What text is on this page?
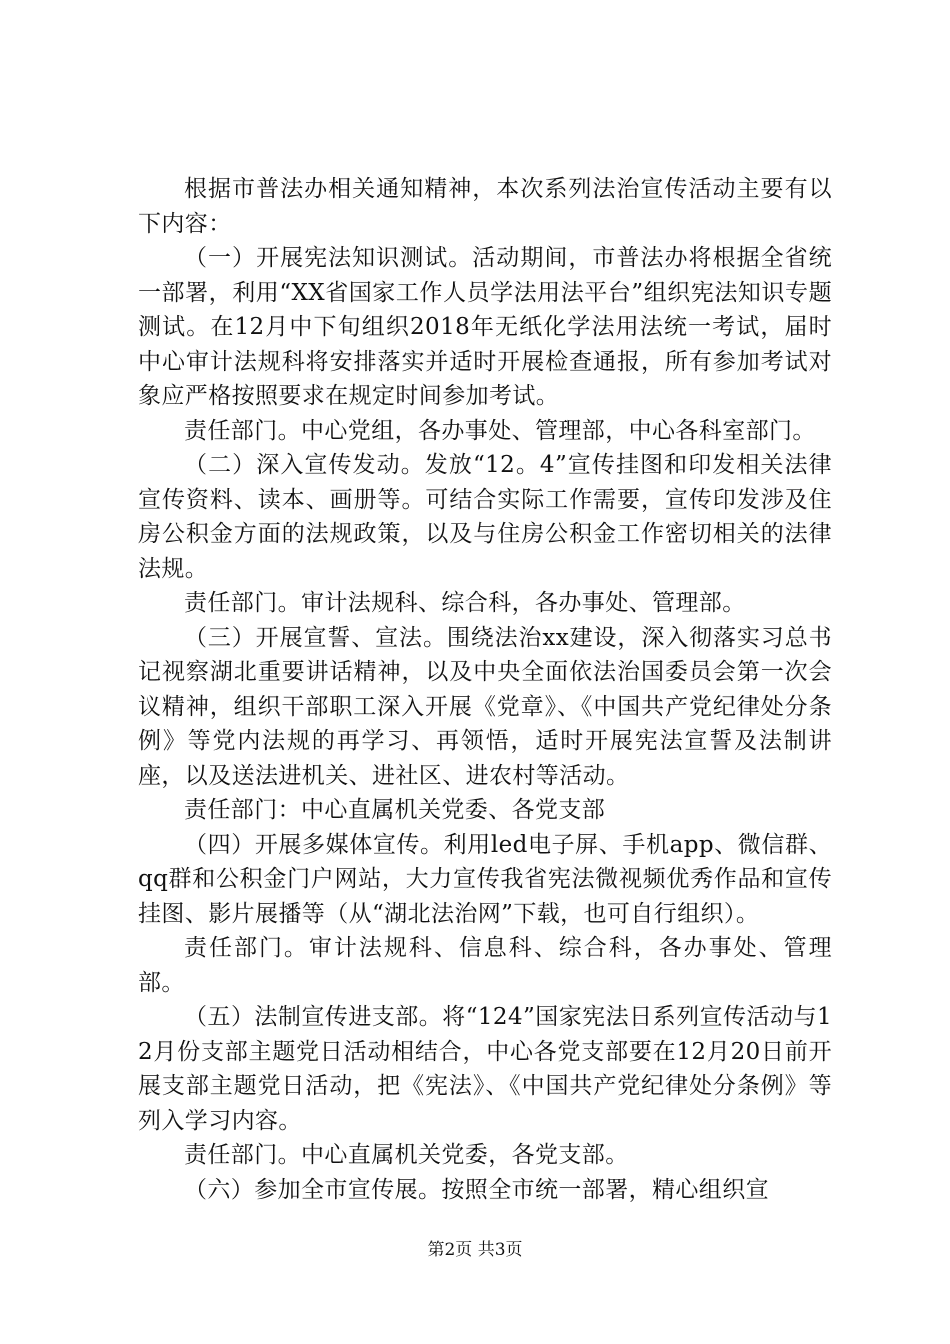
根据市普法办相关通知精神，本次系列法治宣传活动主要有以下内容：

（一）开展宪法知识测试。活动期间，市普法办将根据全省统一部署，利用“XX省国家工作人员学法用法平台”组织宪法知识专题测试。在12月中下旬组织2018年无纸化学法用法统一考试，届时中心审计法规科将安排落实并适时开展检查通报，所有参加考试对象应严格按照要求在规定时间参加考试。

责任部门。中心党组，各办事处、管理部，中心各科室部门。

（二）深入宣传发动。发放“12。4”宣传挂图和印发相关法律宣传资料、读本、画册等。可结合实际工作需要，宣传印发涉及住房公积金方面的法规政策，以及与住房公积金工作密切相关的法律法规。

责任部门。审计法规科、综合科，各办事处、管理部。

（三）开展宣誓、宣法。围绕法治xx建设，深入彻落实习总书记视察湖北重要讲话精神，以及中央全面依法治国委员会第一次会议精神，组织干部职工深入开展《党章》、《中国共产党纪律处分条例》等党内法规的再学习、再领悟，适时开展宪法宣誓及法制讲座，以及送法进机关、进社区、进农村等活动。

责任部门：中心直属机关党委、各党支部

（四）开展多媒体宣传。利用led电子屏、手机app、微信群、qq群和公积金门户网站，大力宣传我省宪法微视频优秀作品和宣传挂图、影片展播等（从“湖北法治网”下载，也可自行组织）。

责任部门。审计法规科、信息科、综合科，各办事处、管理部。

（五）法制宣传进支部。将“124”国家宪法日系列宣传活动与12月份支部主题党日活动相结合，中心各党支部要在12月20日前开展支部主题党日活动，把《宪法》、《中国共产党纪律处分条例》等列入学习内容。

责任部门。中心直属机关党委，各党支部。

（六）参加全市宣传展。按照全市统一部署，精心组织宣

第2页 共3页
